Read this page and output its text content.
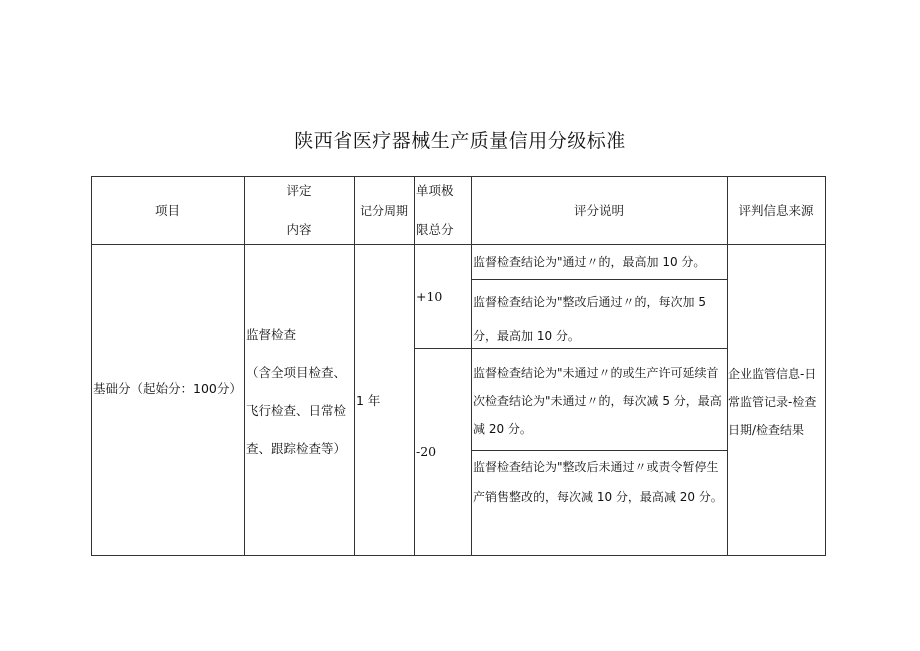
陕西省医疗器械生产质量信用分级标准
项目
评定
内容
记分周期
单项极
限总分
评分说明	评判信息来源
基础分（起始分：100分）
监督检查
（含全项目检查、
飞行检查、日常检
查、跟踪检查等）
1 年
+10
-20
监督检查结论为"通过〃的，最高加 10 分。
监督检查结论为"整改后通过〃的，每次加 5 分，最高加 10 分。
监督检查结论为"未通过〃的或生产许可延续首次检查结论为"未通过〃的，每次减 5 分，最高减 20 分。
监督检查结论为"整改后未通过〃或责令暂停生产销售整改的，每次减 10 分，最高减 20 分。
企业监管信息-日常监管记录-检查日期/检查结果
